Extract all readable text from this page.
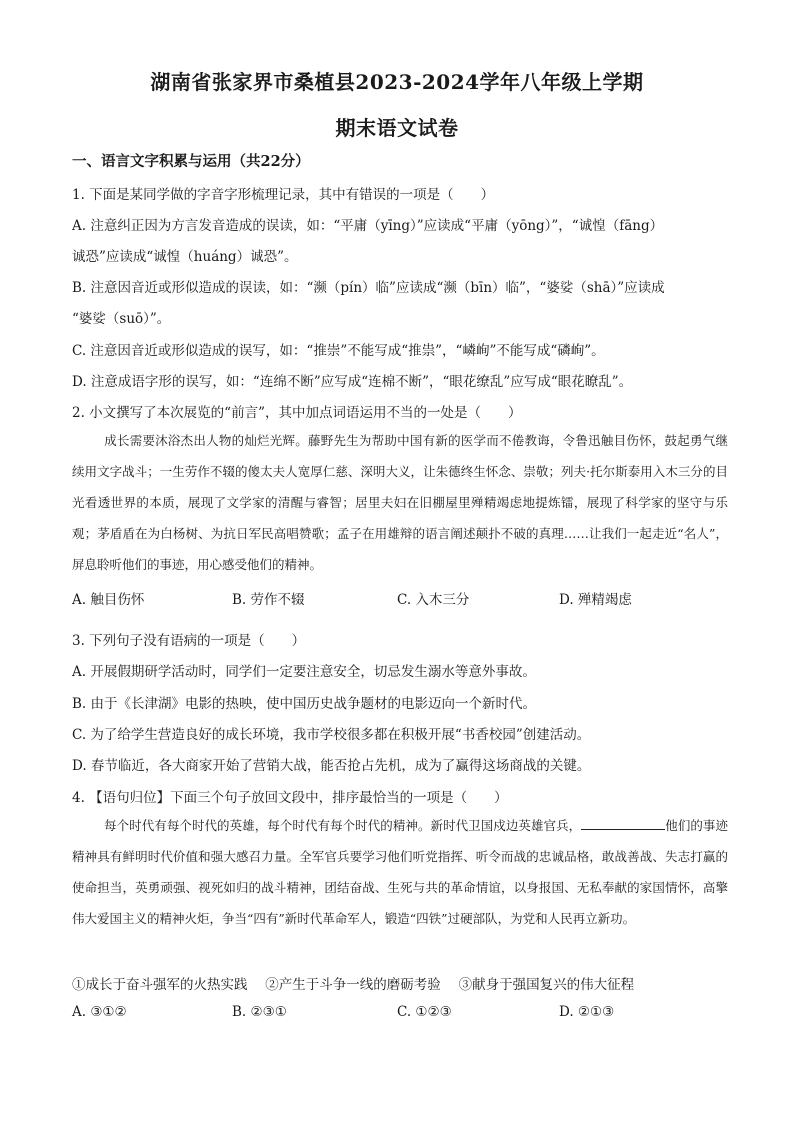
湖南省张家界市桑植县2023-2024学年八年级上学期
期末语文试卷
一、语言文字积累与运用（共22分）
1. 下面是某同学做的字音字形梳理记录，其中有错误的一项是（　　）
A. 注意纠正因为方言发音造成的误读，如：“平庸（yīng）”应读成“平庸（yōng）”，“诚惶（fāng）
诚恐”应读成“诚惶（huáng）诚恐”。
B. 注意因音近或形似造成的误读，如：“濒（pín）临”应读成“濒（bīn）临”，“婆娑（shā）”应读成
“婆娑（suō）”。
C. 注意因音近或形似造成的误写，如：“推崇”不能写成“推祟”，“嶙峋”不能写成“磷峋”。
D. 注意成语字形的误写，如：“连绵不断”应写成“连棉不断”，“眼花缭乱”应写成“眼花瞭乱”。
2. 小文撰写了本次展览的“前言”，其中加点词语运用不当的一处是（　　）
成长需要沐浴杰出人物的灿烂光辉。藤野先生为帮助中国有新的医学而不倦教诲，令鲁迅触目伤怀，鼓起勇气继续用文字战斗；一生劳作不辍的傻太夫人宽厚仁慈、深明大义，让朱德终生怀念、崇敬；列夫·托尔斯泰用入木三分的目光看透世界的本质，展现了文学家的清醒与睿智；居里夫妇在旧棚屋里殚精竭虑地提炼镭，展现了科学家的坚守与乐观；茅盾盾在为白杨树、为抗日军民高唱赞歌；孟子在用雄辩的语言阐述颠扑不破的真理……让我们一起走近“名人”，屏息聆听他们的事迹，用心感受他们的精神。
A. 触目伤怀	B. 劳作不辍	C. 入木三分	D. 殚精竭虑
3. 下列句子没有语病的一项是（　　）
A. 开展假期研学活动时，同学们一定要注意安全，切忌发生溺水等意外事故。
B. 由于《长津湖》电影的热映，使中国历史战争题材的电影迈向一个新时代。
C. 为了给学生营造良好的成长环境，我市学校很多都在积极开展“书香校园”创建活动。
D. 春节临近，各大商家开始了营销大战，能否抢占先机，成为了赢得这场商战的关键。
4. 【语句归位】下面三个句子放回文段中，排序最恰当的一项是（　　）
每个时代有每个时代的英雄，每个时代有每个时代的精神。新时代卫国戍边英雄官兵，	他们的事迹精神具有鲜明时代价值和强大感召力量。全军官兵要学习他们听党指挥、听令而战的忠诚品格，敢战善战、失志打赢的使命担当，英勇顽强、视死如归的战斗精神，团结奋战、生死与共的革命情谊，以身报国、无私奉献的家国情怀，高擎伟大爱国主义的精神火炬，争当“四有”新时代革命军人，锻造“四铁”过硬部队，为党和人民再立新功。
①成长于奋斗强军的火热实践　 ②产生于斗争一线的磨砺考验　 ③献身于强国复兴的伟大征程
A. ③①②	B. ②③①	C. ①②③	D. ②①③
